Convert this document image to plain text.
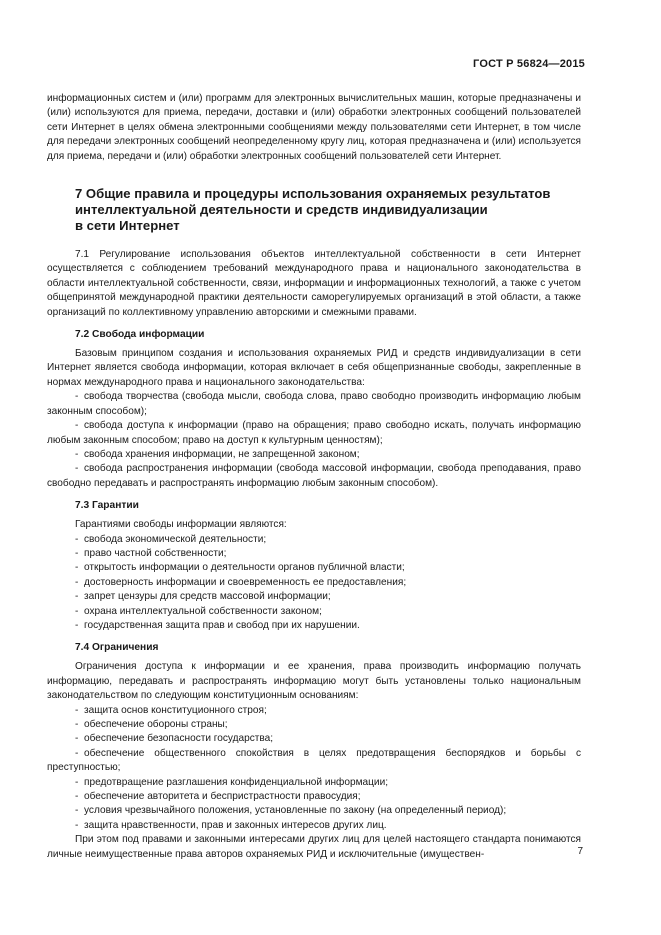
ГОСТ Р 56824—2015

информационных систем и (или) программ для электронных вычислительных машин, которые предназначены и (или) используются для приема, передачи, доставки и (или) обработки электронных сообщений пользователей сети Интернет в целях обмена электронными сообщениями между пользователями сети Интернет, в том числе для передачи электронных сообщений неопределенному кругу лиц, которая предназначена и (или) используется для приема, передачи и (или) обработки электронных сообщений пользователей сети Интернет.

7 Общие правила и процедуры использования охраняемых результатов
интеллектуальной деятельности и средств индивидуализации
в сети Интернет

7.1 Регулирование использования объектов интеллектуальной собственности в сети Интернет осуществляется с соблюдением требований международного права и национального законодательства в области интеллектуальной собственности, связи, информации и информационных технологий, а также с учетом общепринятой международной практики деятельности саморегулируемых организаций в этой области, а также организаций по коллективному управлению авторскими и смежными правами.

7.2 Свобода информации

Базовым принципом создания и использования охраняемых РИД и средств индивидуализации в сети Интернет является свобода информации, которая включает в себя общепризнанные свободы, закрепленные в нормах международного права и национального законодательства:

- свобода творчества (свобода мысли, свобода слова, право свободно производить информацию любым законным способом);
- свобода доступа к информации (право на обращения; право свободно искать, получать информацию любым законным способом; право на доступ к культурным ценностям);
- свобода хранения информации, не запрещенной законом;
- свобода распространения информации (свобода массовой информации, свобода преподавания, право свободно передавать и распространять информацию любым законным способом).
7.3 Гарантии

Гарантиями свободы информации являются:

- свобода экономической деятельности;
- право частной собственности;
- открытость информации о деятельности органов публичной власти;
- достоверность информации и своевременность ее предоставления;
- запрет цензуры для средств массовой информации;
- охрана интеллектуальной собственности законом;
- государственная защита прав и свобод при их нарушении.
7.4 Ограничения

Ограничения доступа к информации и ее хранения, права производить информацию получать информацию, передавать и распространять информацию могут быть установлены только национальным законодательством по следующим конституционным основаниям:

- защита основ конституционного строя;
- обеспечение обороны страны;
- обеспечение безопасности государства;
- обеспечение общественного спокойствия в целях предотвращения беспорядков и борьбы с преступностью;
- предотвращение разглашения конфиденциальной информации;
- обеспечение авторитета и беспристрастности правосудия;
- условия чрезвычайного положения, установленные по закону (на определенный период);
- защита нравственности, прав и законных интересов других лиц.

При этом под правами и законными интересами других лиц для целей настоящего стандарта понимаются личные неимущественные права авторов охраняемых РИД и исключительные (имуществен-	7
